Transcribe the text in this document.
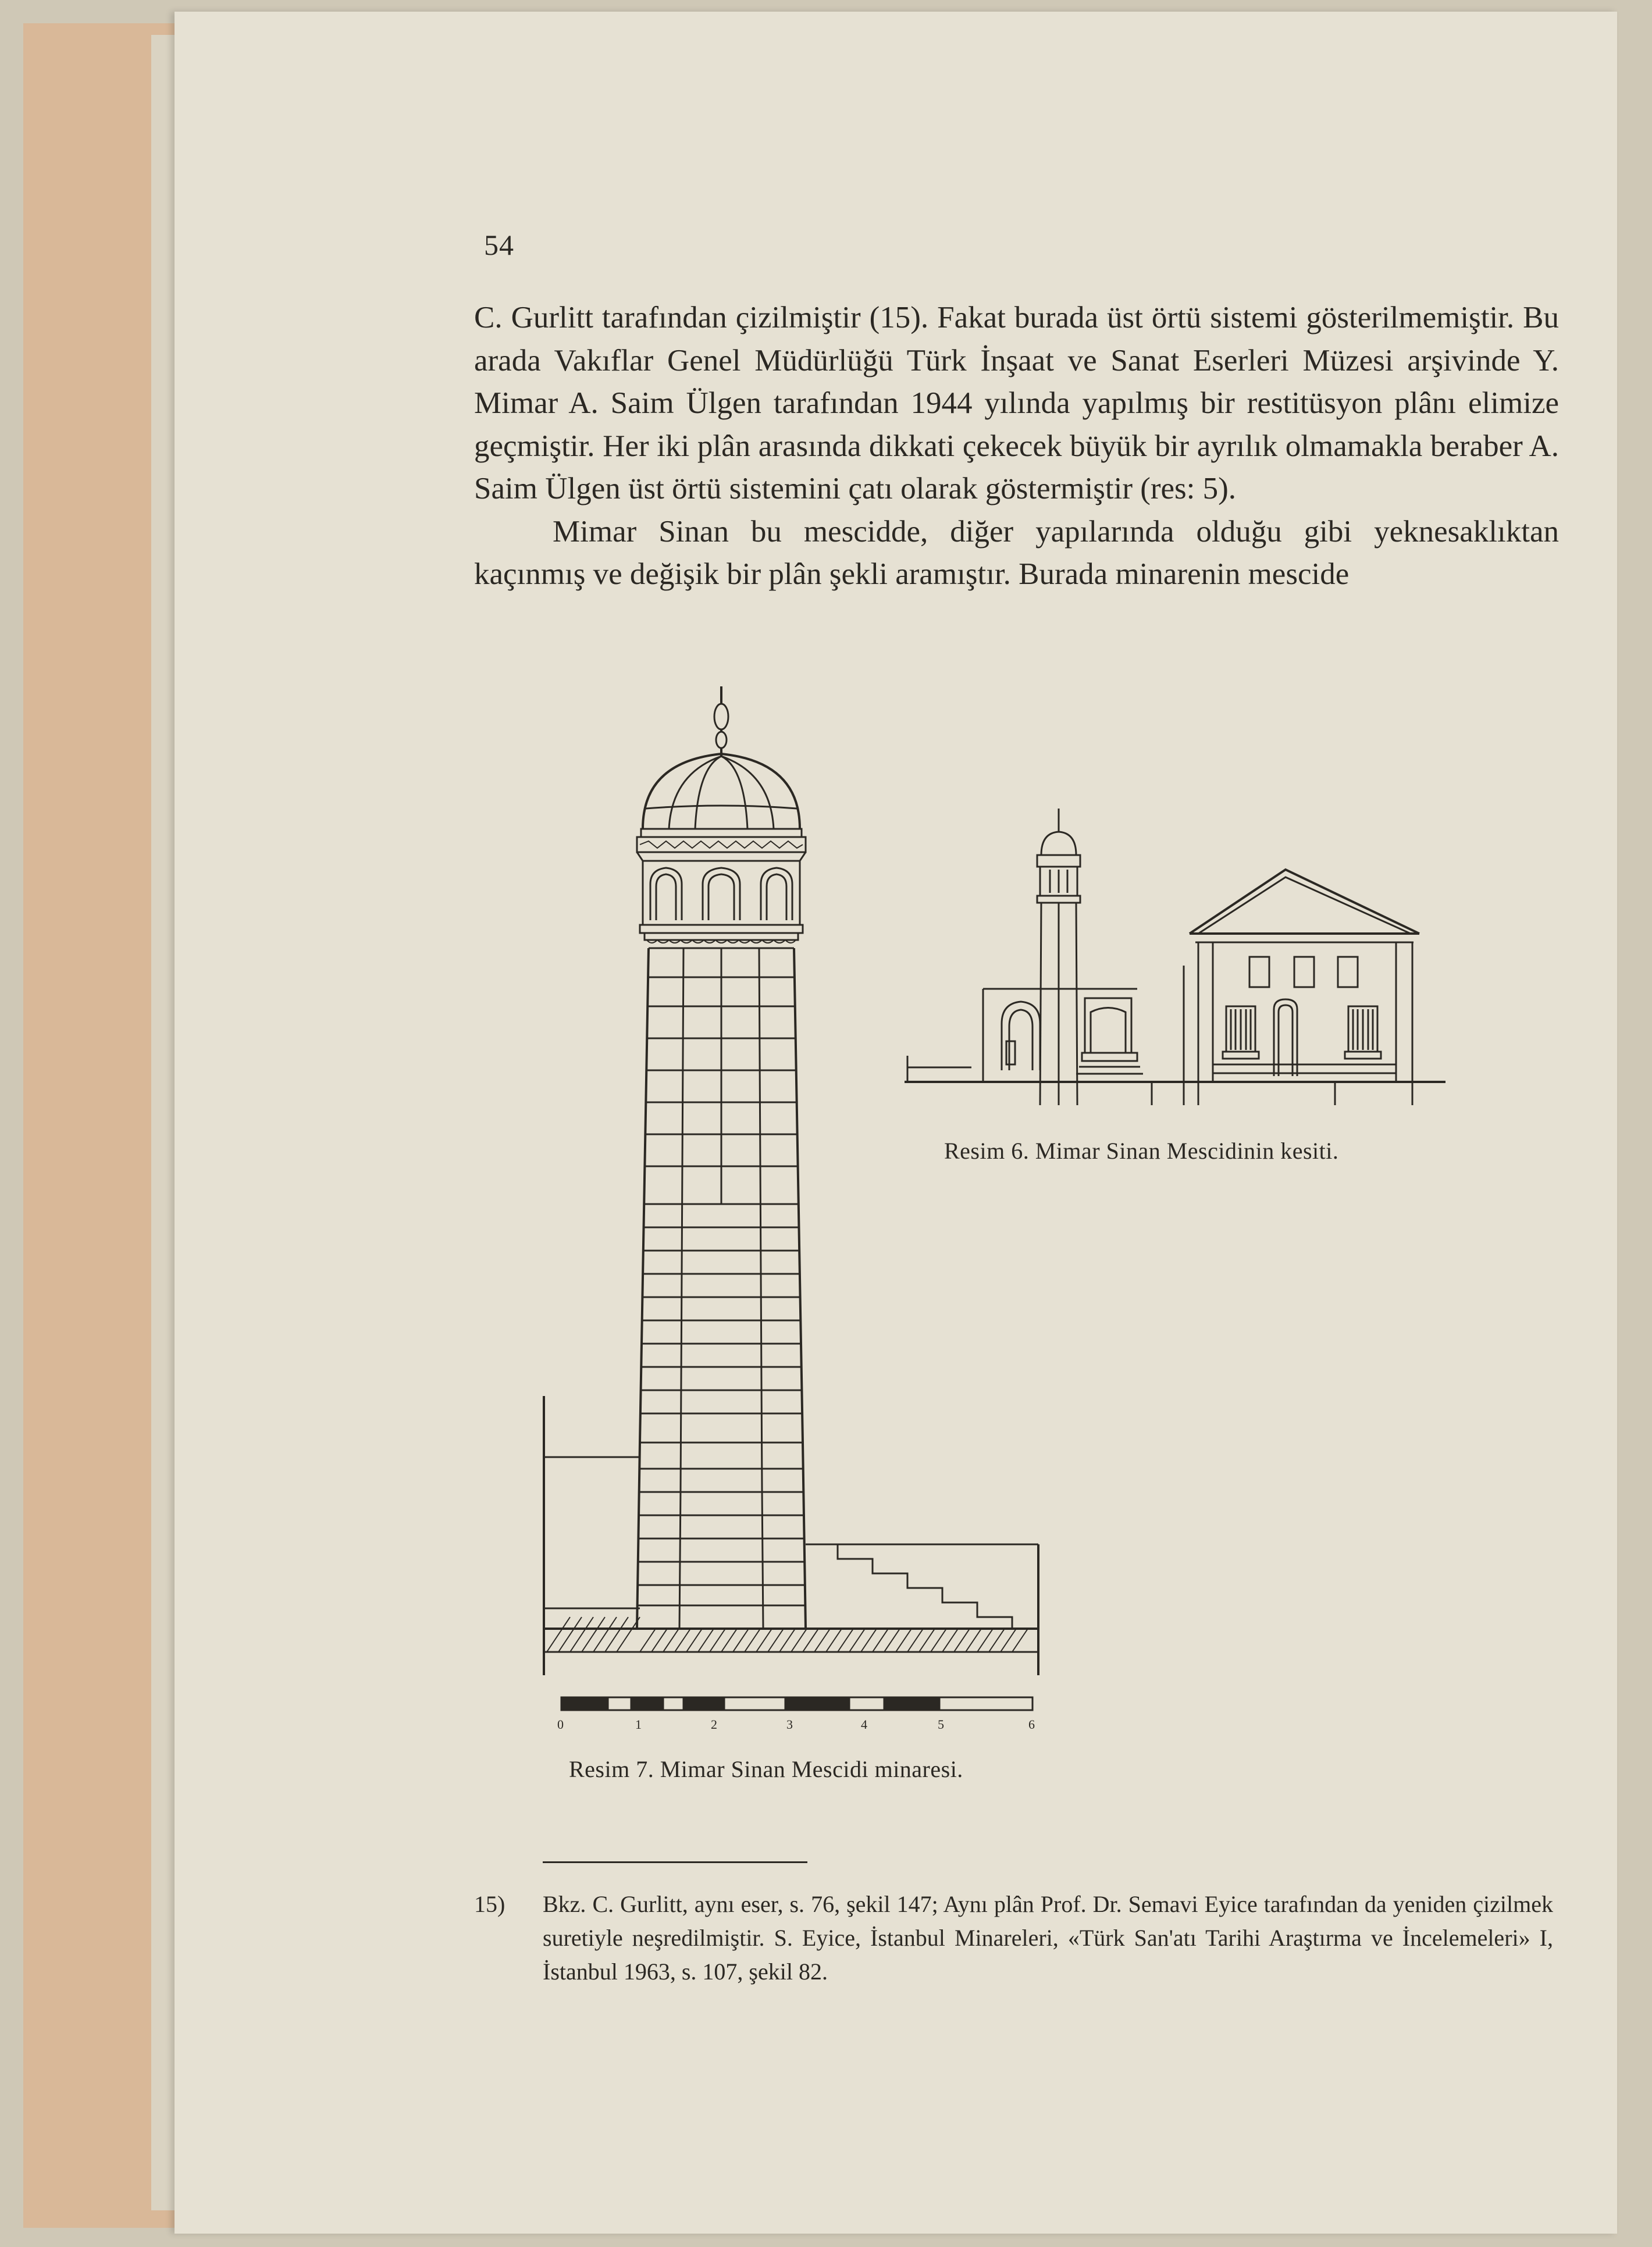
54

C. Gurlitt tarafından çizilmiştir (15). Fakat burada üst örtü sistemi gösterilmemiştir. Bu arada Vakıflar Genel Müdürlüğü Türk İnşaat ve Sanat Eserleri Müzesi arşivinde Y. Mimar A. Saim Ülgen tarafından 1944 yılında yapılmış bir restitüsyon plânı elimize geçmiştir. Her iki plân arasında dikkati çekecek büyük bir ayrılık olmamakla beraber A. Saim Ülgen üst örtü sistemini çatı olarak göstermiştir (res: 5).

Mimar Sinan bu mescidde, diğer yapılarında olduğu gibi yeknesaklıktan kaçınmış ve değişik bir plân şekli aramıştır. Burada minarenin mescide

0	1	2	3	4	5	6
Resim 6. Mimar Sinan Mescidinin kesiti.
Resim 7. Mimar Sinan Mescidi minaresi.
15) Bkz. C. Gurlitt, aynı eser, s. 76, şekil 147; Aynı plân Prof. Dr. Semavi Eyice tarafından da yeniden çizilmek suretiyle neşredilmiştir. S. Eyice, İstanbul Minareleri, «Türk San'atı Tarihi Araştırma ve İncelemeleri» I, İstanbul 1963, s. 107, şekil 82.
